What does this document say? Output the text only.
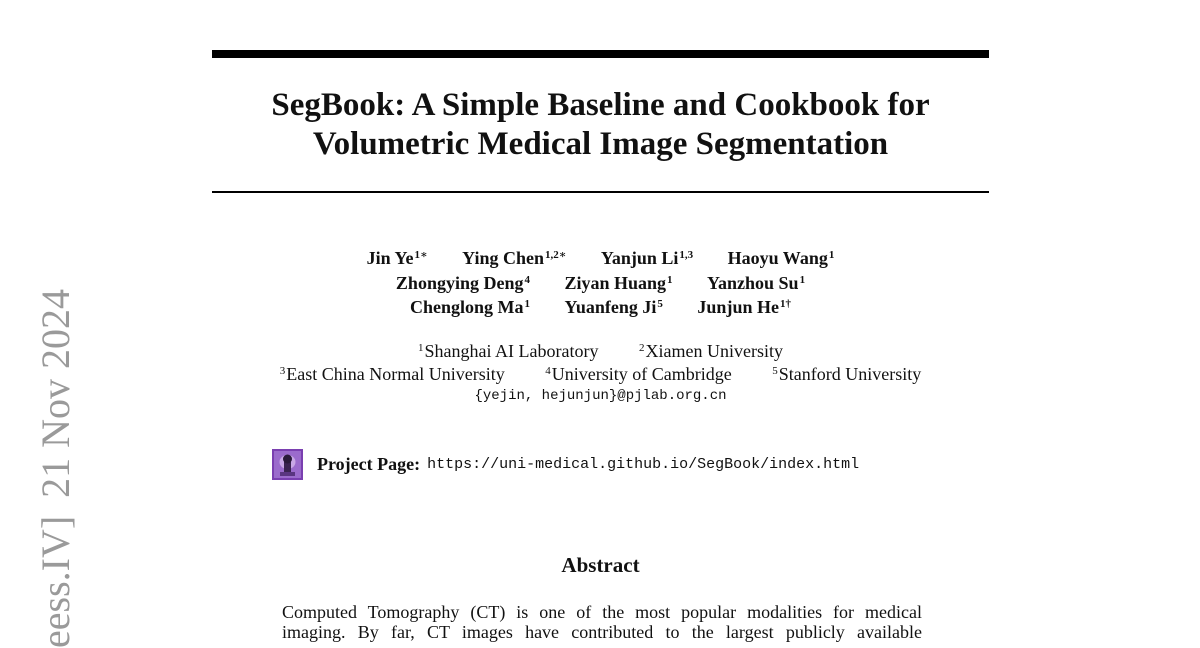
SegBook: A Simple Baseline and Cookbook for
Volumetric Medical Image Segmentation
Jin $Ye^{1∗}$ Ying Chen$^{1,2∗}$ Yanjun Li$^{1,3}$ Haoyu Wang$^1$
Zhongying Deng$^4$ Ziyan Huang$^1$ Yanzhou Su$^1$
Chenglong Ma$^1$ Yuanfeng Ji$^5$ Junjun $He^{1\dagger}$
$^1$Shanghai AI Laboratory	$^2$Xiamen University
$^3$East China Normal University	$^4$University of Cambridge	$^5$Stanford University
{yejin, hejunjun}@pjlab.org.cn
Project Page: https://uni-medical.github.io/SegBook/index.html
Abstract
Computed Tomography (CT) is one of the most popular modalities for medical
imaging. By far, CT images have contributed to the largest publicly available
eess.IV]21 Nov 2024
